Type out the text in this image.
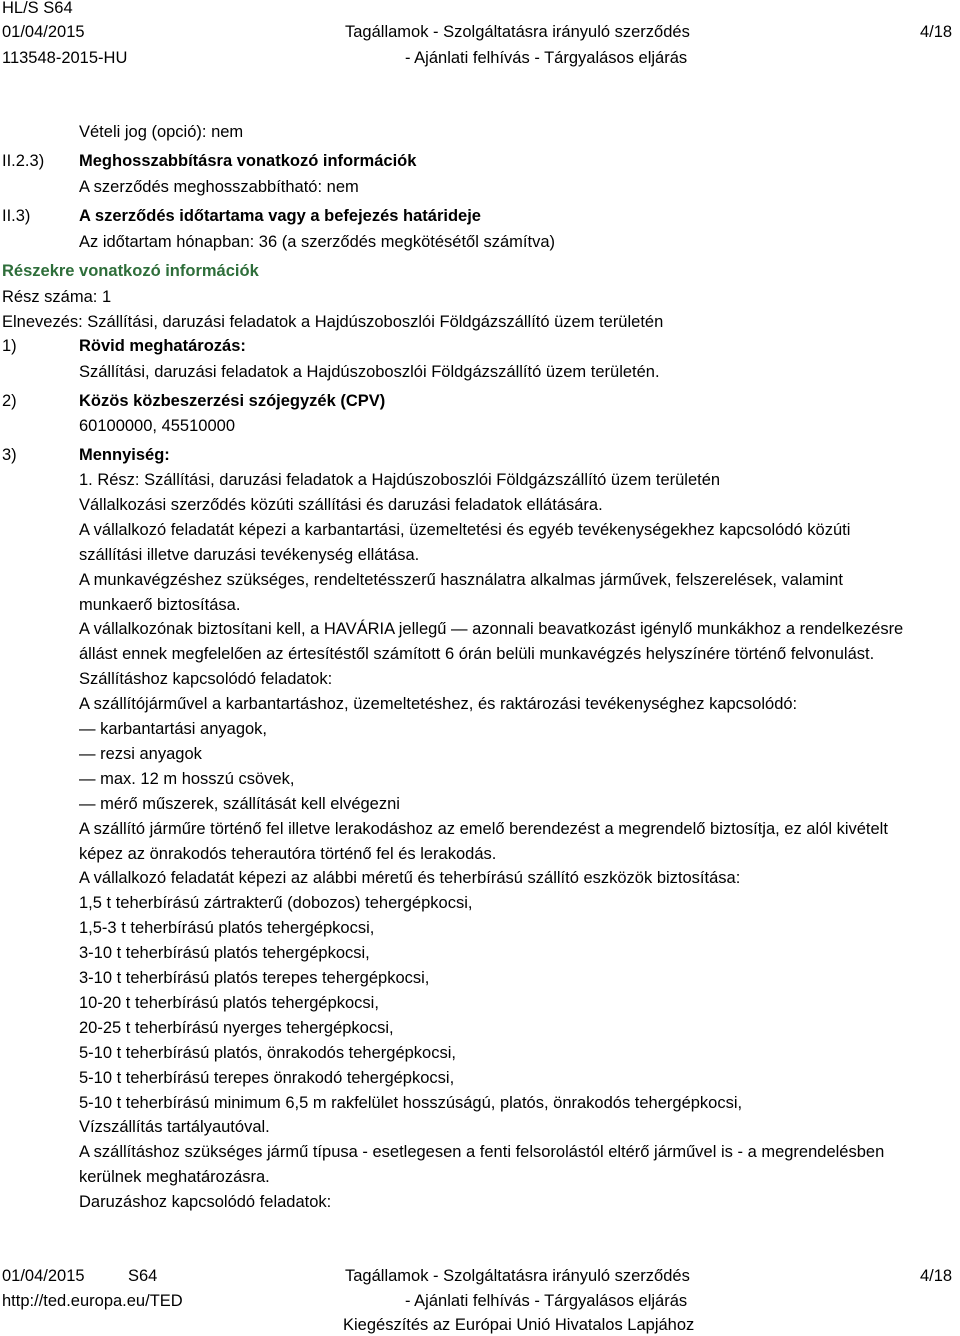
HL/S S64
01/04/2015
113548-2015-HU
Tagállamok - Szolgáltatásra irányuló szerződés
- Ajánlati felhívás - Tárgyalásos eljárás
4/18
Vételi jog (opció): nem
II.2.3) Meghosszabbításra vonatkozó információk
A szerződés meghosszabbítható: nem
II.3)	A szerződés időtartama vagy a befejezés határideje
Az időtartam hónapban: 36 (a szerződés megkötésétől számítva)
Részekre vonatkozó információk
Rész száma: 1
Elnevezés: Szállítási, daruzási feladatok a Hajdúszoboszlói Földgázszállító üzem területén
1)	Rövid meghatározás:
Szállítási, daruzási feladatok a Hajdúszoboszlói Földgázszállító üzem területén.
2)	Közös közbeszerzési szójegyzék (CPV)
60100000, 45510000
3)	Mennyiség:
1. Rész: Szállítási, daruzási feladatok a Hajdúszoboszlói Földgázszállító üzem területén
Vállalkozási szerződés közúti szállítási és daruzási feladatok ellátására.
A vállalkozó feladatát képezi a karbantartási, üzemeltetési és egyéb tevékenységekhez kapcsolódó közúti
szállítási illetve daruzási tevékenység ellátása.
A munkavégzéshez szükséges, rendeltetésszerű használatra alkalmas járművek, felszerelések, valamint
munkaerő biztosítása.
A vállalkozónak biztosítani kell, a HAVÁRIA jellegű — azonnali beavatkozást igénylő munkákhoz a rendelkezésre
állást ennek megfelelően az értesítéstől számított 6 órán belüli munkavégzés helyszínére történő felvonulást.
Szállításhoz kapcsolódó feladatok:
A szállítójárművel a karbantartáshoz, üzemeltetéshez, és raktározási tevékenységhez kapcsolódó:
— karbantartási anyagok,
— rezsi anyagok
— max. 12 m hosszú csövek,
— mérő műszerek, szállítását kell elvégezni
A szállító járműre történő fel illetve lerakodáshoz az emelő berendezést a megrendelő biztosítja, ez alól kivételt
képez az önrakodós teherautóra történő fel és lerakodás.
A vállalkozó feladatát képezi az alábbi méretű és teherbírású szállító eszközök biztosítása:
1,5 t teherbírású zártrakterű (dobozos) tehergépkocsi,
1,5-3 t teherbírású platós tehergépkocsi,
3-10 t teherbírású platós tehergépkocsi,
3-10 t teherbírású platós terepes tehergépkocsi,
10-20 t teherbírású platós tehergépkocsi,
20-25 t teherbírású nyerges tehergépkocsi,
5-10 t teherbírású platós, önrakodós tehergépkocsi,
5-10 t teherbírású terepes önrakodó tehergépkocsi,
5-10 t teherbírású minimum 6,5 m rakfelület hosszúságú, platós, önrakodós tehergépkocsi,
Vízszállítás tartályautóval.
A szállításhoz szükséges jármű típusa - esetlegesen a fenti felsorolástól eltérő járművel is - a megrendelésben
kerülnek meghatározásra.
Daruzáshoz kapcsolódó feladatok:
01/04/2015	S64
http://ted.europa.eu/TED
Tagállamok - Szolgáltatásra irányuló szerződés
- Ajánlati felhívás - Tárgyalásos eljárás
Kiegészítés az Európai Unió Hivatalos Lapjához
4/18
